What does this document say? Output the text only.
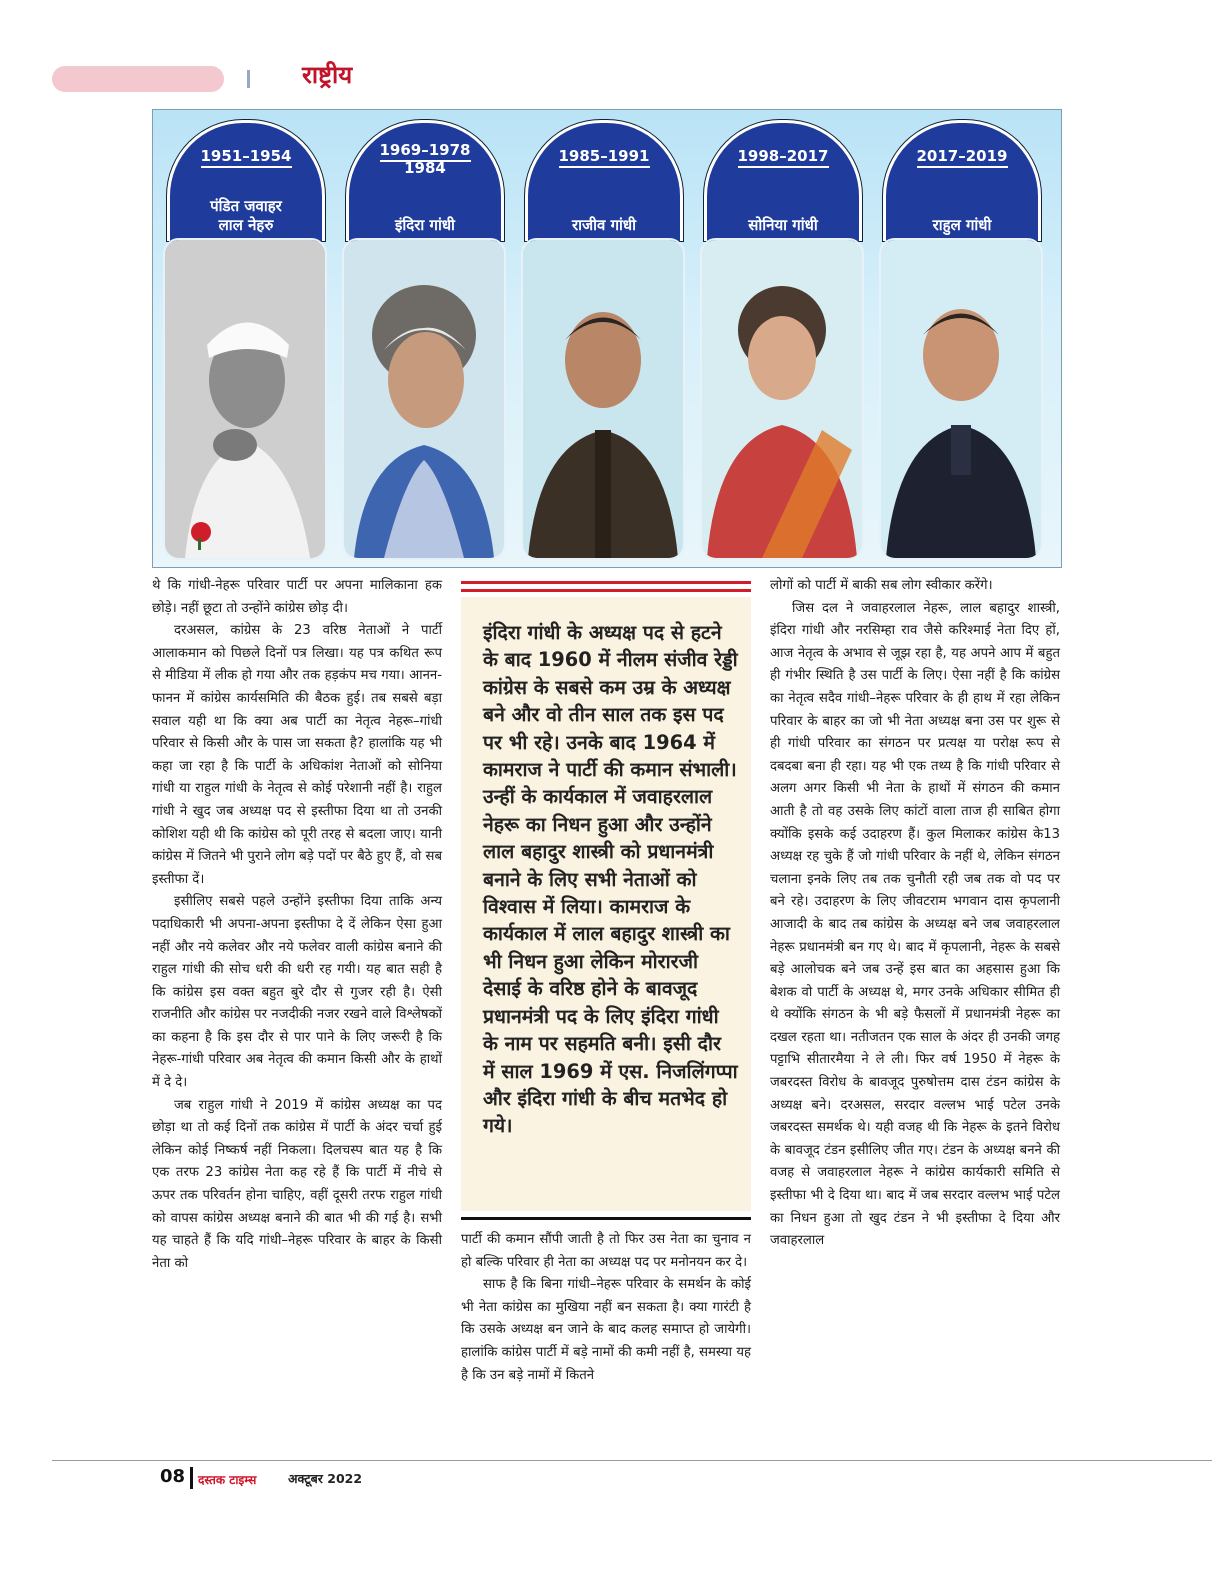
राष्ट्रीय
1951–1954
पंडित जवाहर
लाल नेहरु
1969–1978
1984
इंदिरा गांधी
1985–1991
राजीव गांधी
1998–2017
सोनिया गांधी
2017–2019
राहुल गांधी

थे कि गांधी-नेहरू परिवार पार्टी पर अपना मालिकाना हक छोड़े। नहीं छूटा तो उन्होंने कांग्रेस छोड़ दी।

दरअसल, कांग्रेस के 23 वरिष्ठ नेताओं ने पार्टी आलाकमान को पिछले दिनों पत्र लिखा। यह पत्र कथित रूप से मीडिया में लीक हो गया और तक हड़कंप मच गया। आनन-फानन में कांग्रेस कार्यसमिति की बैठक हुई। तब सबसे बड़ा सवाल यही था कि क्या अब पार्टी का नेतृत्व नेहरू–गांधी परिवार से किसी और के पास जा सकता है? हालांकि यह भी कहा जा रहा है कि पार्टी के अधिकांश नेताओं को सोनिया गांधी या राहुल गांधी के नेतृत्व से कोई परेशानी नहीं है। राहुल गांधी ने खुद जब अध्यक्ष पद से इस्तीफा दिया था तो उनकी कोशिश यही थी कि कांग्रेस को पूरी तरह से बदला जाए। यानी कांग्रेस में जितने भी पुराने लोग बड़े पदों पर बैठे हुए हैं, वो सब इस्तीफा दें।

इसीलिए सबसे पहले उन्होंने इस्तीफा दिया ताकि अन्य पदाधिकारी भी अपना-अपना इस्तीफा दे दें लेकिन ऐसा हुआ नहीं और नये कलेवर और नये फलेवर वाली कांग्रेस बनाने की राहुल गांधी की सोच धरी की धरी रह गयी। यह बात सही है कि कांग्रेस इस वक्त बहुत बुरे दौर से गुजर रही है। ऐसी राजनीति और कांग्रेस पर नजदीकी नजर रखने वाले विश्लेषकों का कहना है कि इस दौर से पार पाने के लिए जरूरी है कि नेहरू-गांधी परिवार अब नेतृत्व की कमान किसी और के हाथों में दे दे।

जब राहुल गांधी ने 2019 में कांग्रेस अध्यक्ष का पद छोड़ा था तो कई दिनों तक कांग्रेस में पार्टी के अंदर चर्चा हुई लेकिन कोई निष्कर्ष नहीं निकला। दिलचस्प बात यह है कि एक तरफ 23 कांग्रेस नेता कह रहे हैं कि पार्टी में नीचे से ऊपर तक परिवर्तन होना चाहिए, वहीं दूसरी तरफ राहुल गांधी को वापस कांग्रेस अध्यक्ष बनाने की बात भी की गई है। सभी यह चाहते हैं कि यदि गांधी–नेहरू परिवार के बाहर के किसी नेता को

इंदिरा गांधी के अध्यक्ष पद से हटने के बाद 1960 में नीलम संजीव रेड्डी कांग्रेस के सबसे कम उम्र के अध्यक्ष बने और वो तीन साल तक इस पद पर भी रहे। उनके बाद 1964 में कामराज ने पार्टी की कमान संभाली। उन्हीं के कार्यकाल में जवाहरलाल नेहरू का निधन हुआ और उन्होंने लाल बहादुर शास्त्री को प्रधानमंत्री बनाने के लिए सभी नेताओं को विश्वास में लिया। कामराज के कार्यकाल में लाल बहादुर शास्त्री का भी निधन हुआ लेकिन मोरारजी देसाई के वरिष्ठ होने के बावजूद प्रधानमंत्री पद के लिए इंदिरा गांधी के नाम पर सहमति बनी। इसी दौर में साल 1969 में एस. निजलिंगप्पा और इंदिरा गांधी के बीच मतभेद हो गये।

पार्टी की कमान सौंपी जाती है तो फिर उस नेता का चुनाव न हो बल्कि परिवार ही नेता का अध्यक्ष पद पर मनोनयन कर दे।

साफ है कि बिना गांधी–नेहरू परिवार के समर्थन के कोई भी नेता कांग्रेस का मुखिया नहीं बन सकता है। क्या गारंटी है कि उसके अध्यक्ष बन जाने के बाद कलह समाप्त हो जायेगी। हालांकि कांग्रेस पार्टी में बड़े नामों की कमी नहीं है, समस्या यह है कि उन बड़े नामों में कितने

लोगों को पार्टी में बाकी सब लोग स्वीकार करेंगे।

जिस दल ने जवाहरलाल नेहरू, लाल बहादुर शास्त्री, इंदिरा गांधी और नरसिम्हा राव जैसे करिश्माई नेता दिए हों, आज नेतृत्व के अभाव से जूझ रहा है, यह अपने आप में बहुत ही गंभीर स्थिति है उस पार्टी के लिए। ऐसा नहीं है कि कांग्रेस का नेतृत्व सदैव गांधी–नेहरू परिवार के ही हाथ में रहा लेकिन परिवार के बाहर का जो भी नेता अध्यक्ष बना उस पर शुरू से ही गांधी परिवार का संगठन पर प्रत्यक्ष या परोक्ष रूप से दबदबा बना ही रहा। यह भी एक तथ्य है कि गांधी परिवार से अलग अगर किसी भी नेता के हाथों में संगठन की कमान आती है तो वह उसके लिए कांटों वाला ताज ही साबित होगा क्योंकि इसके कई उदाहरण हैं। कुल मिलाकर कांग्रेस के13 अध्यक्ष रह चुके हैं जो गांधी परिवार के नहीं थे, लेकिन संगठन चलाना इनके लिए तब तक चुनौती रही जब तक वो पद पर बने रहे। उदाहरण के लिए जीवटराम भगवान दास कृपलानी आजादी के बाद तब कांग्रेस के अध्यक्ष बने जब जवाहरलाल नेहरू प्रधानमंत्री बन गए थे। बाद में कृपलानी, नेहरू के सबसे बड़े आलोचक बने जब उन्हें इस बात का अहसास हुआ कि बेशक वो पार्टी के अध्यक्ष थे, मगर उनके अधिकार सीमित ही थे क्योंकि संगठन के भी बड़े फैसलों में प्रधानमंत्री नेहरू का दखल रहता था। नतीजतन एक साल के अंदर ही उनकी जगह पट्टाभि सीतारमैया ने ले ली। फिर वर्ष 1950 में नेहरू के जबरदस्त विरोध के बावजूद पुरुषोत्तम दास टंडन कांग्रेस के अध्यक्ष बने। दरअसल, सरदार वल्लभ भाई पटेल उनके जबरदस्त समर्थक थे। यही वजह थी कि नेहरू के इतने विरोध के बावजूद टंडन इसीलिए जीत गए। टंडन के अध्यक्ष बनने की वजह से जवाहरलाल नेहरू ने कांग्रेस कार्यकारी समिति से इस्तीफा भी दे दिया था। बाद में जब सरदार वल्लभ भाई पटेल का निधन हुआ तो खुद टंडन ने भी इस्तीफा दे दिया और जवाहरलाल

08 दस्तक टाइम्स	अक्टूबर 2022
